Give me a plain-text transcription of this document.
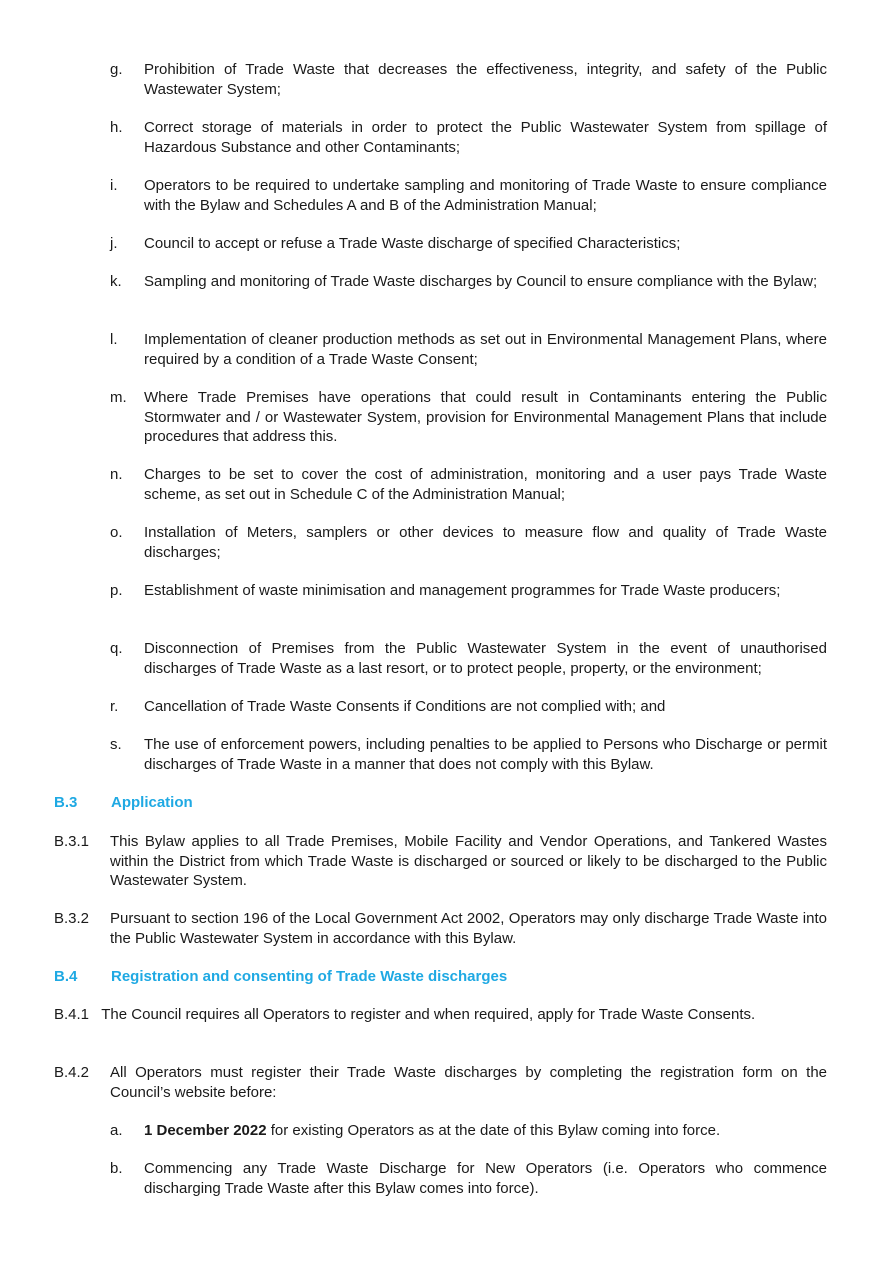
g. Prohibition of Trade Waste that decreases the effectiveness, integrity, and safety of the Public Wastewater System;
h. Correct storage of materials in order to protect the Public Wastewater System from spillage of Hazardous Substance and other Contaminants;
i. Operators to be required to undertake sampling and monitoring of Trade Waste to ensure compliance with the Bylaw and Schedules A and B of the Administration Manual;
j. Council to accept or refuse a Trade Waste discharge of specified Characteristics;
k. Sampling and monitoring of Trade Waste discharges by Council to ensure compliance with the Bylaw;
l. Implementation of cleaner production methods as set out in Environmental Management Plans, where required by a condition of a Trade Waste Consent;
m. Where Trade Premises have operations that could result in Contaminants entering the Public Stormwater and / or Wastewater System, provision for Environmental Management Plans that include procedures that address this.
n. Charges to be set to cover the cost of administration, monitoring and a user pays Trade Waste scheme, as set out in Schedule C of the Administration Manual;
o. Installation of Meters, samplers or other devices to measure flow and quality of Trade Waste discharges;
p. Establishment of waste minimisation and management programmes for Trade Waste producers;
q. Disconnection of Premises from the Public Wastewater System in the event of unauthorised discharges of Trade Waste as a last resort, or to protect people, property, or the environment;
r. Cancellation of Trade Waste Consents if Conditions are not complied with; and
s. The use of enforcement powers, including penalties to be applied to Persons who Discharge or permit discharges of Trade Waste in a manner that does not comply with this Bylaw.
B.3 Application
B.3.1 This Bylaw applies to all Trade Premises, Mobile Facility and Vendor Operations, and Tankered Wastes within the District from which Trade Waste is discharged or sourced or likely to be discharged to the Public Wastewater System.
B.3.2 Pursuant to section 196 of the Local Government Act 2002, Operators may only discharge Trade Waste into the Public Wastewater System in accordance with this Bylaw.
B.4 Registration and consenting of Trade Waste discharges
B.4.1 The Council requires all Operators to register and when required, apply for Trade Waste Consents.
B.4.2 All Operators must register their Trade Waste discharges by completing the registration form on the Council’s website before:
a. 1 December 2022 for existing Operators as at the date of this Bylaw coming into force.
b. Commencing any Trade Waste Discharge for New Operators (i.e. Operators who commence discharging Trade Waste after this Bylaw comes into force).
